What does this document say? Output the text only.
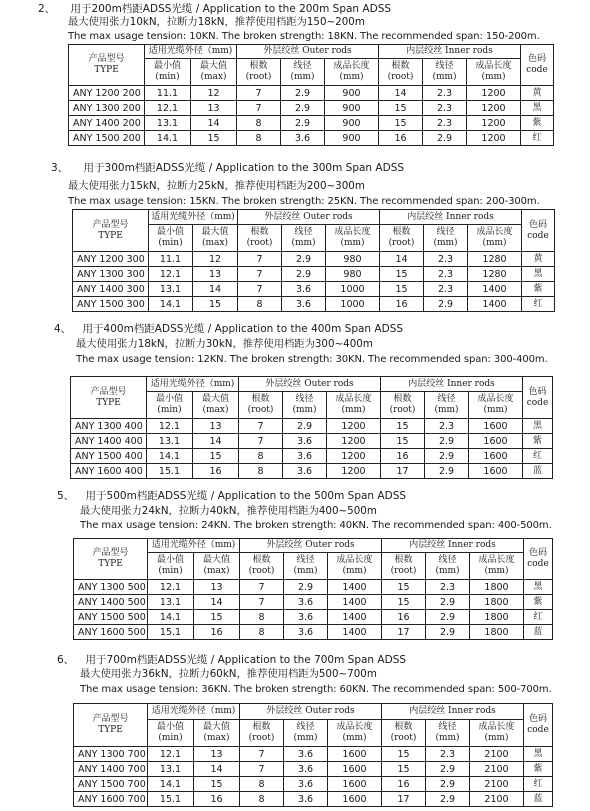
2、 用于200m档距ADSS光缆 / Application to the 200m Span ADSS
最大使用张力10kN，拉断力18kN，推荐使用档距为150~200m
The max usage tension: 10KN. The broken strength: 18KN. The recommended span: 150-200m.
产品型号
TYPE	适用光缆外径（mm)		外层绞丝 Outer rods			内层绞丝 Inner rods			色码
code
	最小值
(min)	最大值
(max)	根数
(root)	线径
(mm)	成品长度
(mm)	根数
(root)	线径
(mm)	成品长度
(mm)	
ANY 1200 200	11.1	12	7	2.9	900	14	2.3	1200	黄
ANY 1300 200	12.1	13	7	2.9	900	15	2.3	1200	黑
ANY 1400 200	13.1	14	8	2.9	900	15	2.3	1200	紫
ANY 1500 200	14.1	15	8	3.6	900	16	2.9	1200	红
3、 用于300m档距ADSS光缆 / Application to the 300m Span ADSS
最大使用张力15kN，拉断力25kN，推荐使用档距为200~300m
The max usage tension: 15KN. The broken strength: 25KN. The recommended span: 200-300m.
产品型号
TYPE	适用光缆外径（mm)		外层绞丝 Outer rods			内层绞丝 Inner rods			色码
code
	最小值
(min)	最大值
(max)	根数
(root)	线径
(mm)	成品长度
(mm)	根数
(root)	线径
(mm)	成品长度
(mm)	
ANY 1200 300	11.1	12	7	2.9	980	14	2.3	1280	黄
ANY 1300 300	12.1	13	7	2.9	980	15	2.3	1280	黑
ANY 1400 300	13.1	14	7	3.6	1000	15	2.3	1400	紫
ANY 1500 300	14.1	15	8	3.6	1000	16	2.9	1400	红
4、 用于400m档距ADSS光缆 / Application to the 400m Span ADSS
最大使用张力18kN，拉断力30kN，推荐使用档距为300~400m
The max usage tension: 12KN. The broken strength: 30KN. The recommended span: 300-400m.
产品型号
TYPE	适用光缆外径（mm)		外层绞丝 Outer rods			内层绞丝 Inner rods			色码
code
	最小值
(min)	最大值
(max)	根数
(root)	线径
(mm)	成品长度
(mm)	根数
(root)	线径
(mm)	成品长度
(mm)	
ANY 1300 400	12.1	13	7	2.9	1200	15	2.3	1600	黑
ANY 1400 400	13.1	14	7	3.6	1200	15	2.9	1600	紫
ANY 1500 400	14.1	15	8	3.6	1200	16	2.9	1600	红
ANY 1600 400	15.1	16	8	3.6	1200	17	2.9	1600	蓝
5、 用于500m档距ADSS光缆 / Application to the 500m Span ADSS
最大使用张力24kN，拉断力40kN，推荐使用档距为400~500m
The max usage tension: 24KN. The broken strength: 40KN. The recommended span: 400-500m.
产品型号
TYPE	适用光缆外径（mm)		外层绞丝 Outer rods			内层绞丝 Inner rods			色码
code
	最小值
(min)	最大值
(max)	根数
(root)	线径
(mm)	成品长度
(mm)	根数
(root)	线径
(mm)	成品长度
(mm)	
ANY 1300 500	12.1	13	7	2.9	1400	15	2.3	1800	黑
ANY 1400 500	13.1	14	7	3.6	1400	15	2.9	1800	紫
ANY 1500 500	14.1	15	8	3.6	1400	16	2.9	1800	红
ANY 1600 500	15.1	16	8	3.6	1400	17	2.9	1800	蓝
6、 用于700m档距ADSS光缆 / Application to the 700m Span ADSS
最大使用张力36kN，拉断力60kN，推荐使用档距为500~700m
The max usage tension: 36KN. The broken strength: 60KN. The recommended span: 500-700m.
产品型号
TYPE	适用光缆外径（mm)		外层绞丝 Outer rods			内层绞丝 Inner rods			色码
code
	最小值
(min)	最大值
(max)	根数
(root)	线径
(mm)	成品长度
(mm)	根数
(root)	线径
(mm)	成品长度
(mm)	
ANY 1300 700	12.1	13	7	3.6	1600	15	2.3	2100	黑
ANY 1400 700	13.1	14	7	3.6	1600	15	2.9	2100	紫
ANY 1500 700	14.1	15	8	3.6	1600	16	2.9	2100	红
ANY 1600 700	15.1	16	8	3.6	1600	17	2.9	2100	蓝
